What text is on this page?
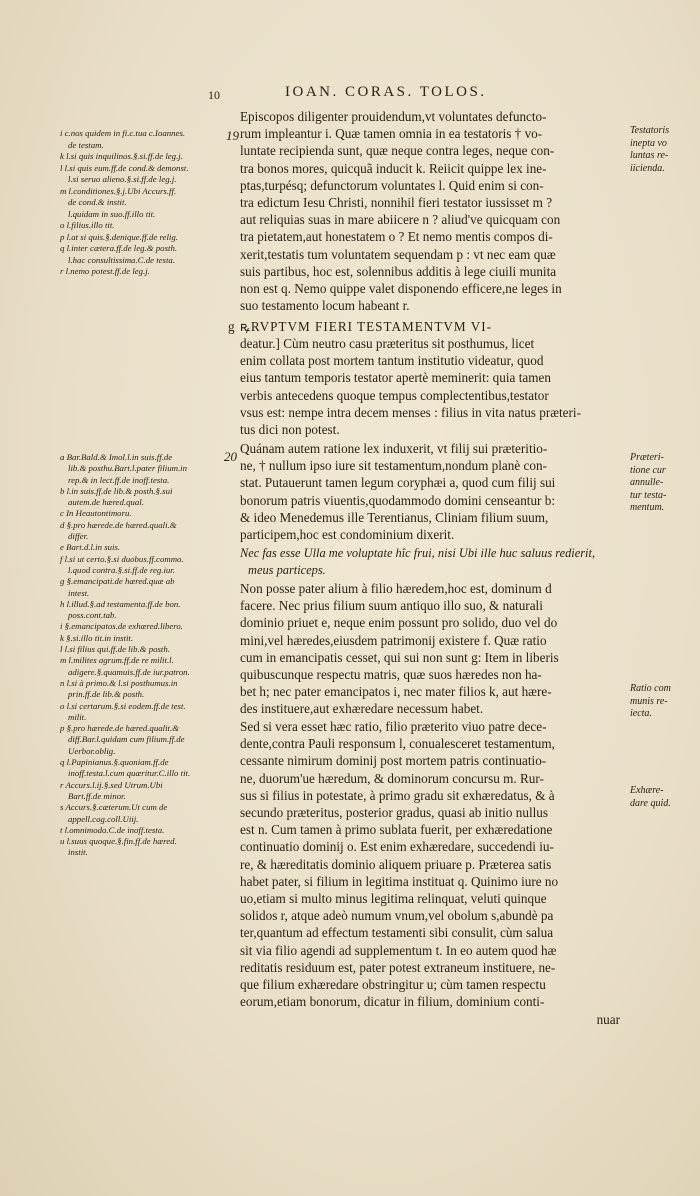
10	IOAN. CORAS. TOLOS.
19
20
i c.nos quidem in fi.c.tua c.Ioannes.
de testam.
k l.si quis inquilinos.§.si.ff.de leg.j.
l l.si quis eum.ff.de cond.& demonst.
l.si seruo alieno.§.si.ff.de leg.j.
m l.conditiones.§.j.Ubi Accurs.ff.
de cond.& instit.
l.quidam in suo.ff.illo tit.
o l.filius.illo tit.
p l.at si quis.§.denique.ff.de relig.
q l.inter cætera.ff.de leg.& posth.
l.hac consultissima.C.de testa.
r l.nemo potest.ff.de leg.j.
a Bar.Bald.& Imol.l.in suis.ff.de
lib.& posthu.Bart.l.pater filium.in
rep.& in lect.ff.de inoff.testa.
b l.in suis.ff.de lib.& posth.§.sui
autem.de hæred.qual.
c In Heautontimoru.
d §.pro hærede.de hæred.quali.&
differ.
e Bart.d.l.in suis.
f l.si ut certo.§.si duobus.ff.commo.
l.quod contra.§.si.ff.de reg.iur.
g §.emancipati.de hæred.quæ ab
intest.
h l.illud.§.ad testamenta.ff.de bon.
poss.cont.tab.
i §.emancipatos.de exhæred.libero.
k §.si.illo tit.in instit.
l l.si filius qui.ff.de lib.& posth.
m l.milites agrum.ff.de re milit.l.
adigere.§.quamuis.ff.de iur.patron.
n l.si à primo.& l.si posthumus.in
prin.ff.de lib.& posth.
o l.si certarum.§.si eodem.ff.de test.
milit.
p §.pro hærede.de hæred.qualit.&
diff.Bar.l.quidam cum filium.ff.de
Uerbor.oblig.
q l.Papinianus.§.quoniam.ff.de
inoff.testa.l.cum quæritur.C.illo tit.
r Accurs.l.ij.§.sed Utrum.Ubi
Bart.ff.de minor.
s Accurs.§.cæterum.Ut cum de
appell.cog.coll.Uiij.
t l.omnimodo.C.de inoff.testa.
u l.suus quoque.§.fin.ff.de hæred.
instit.

Episcopos diligenter prouidendum,vt voluntates defuncto-

rum impleantur i. Quæ tamen omnia in ea testatoris † vo-

luntate recipienda sunt, quæ neque contra leges, neque con-

tra bonos mores, quicquã inducit k. Reiicit quippe lex ine-

ptas,turpésq; defunctorum voluntates l. Quid enim si con-

tra edictum Iesu Christi, nonnihil fieri testator iussisset m ?

aut reliquias suas in mare abiicere n ? aliud've quicquam con

tra pietatem,aut honestatem o ? Et nemo mentis compos di-

xerit,testatis tum voluntatem sequendam p : vt nec eam quæ

suis partibus, hoc est, solennibus additis à lege ciuili munita

non est q. Nemo quippe valet disponendo efficere,ne leges in

suo testamento locum habeant r.

g ꝶRVPTVM FIERI TESTAMENTVM VI-

deatur.] Cùm neutro casu præteritus sit posthumus, licet

enim collata post mortem tantum institutio videatur, quod

eius tantum temporis testator apertè meminerit: quia tamen

verbis antecedens quoque tempus complectentibus,testator

vsus est: nempe intra decem menses : filius in vita natus præteri-

tus dici non potest.

Quánam autem ratione lex induxerit, vt filij sui præteritio-

ne, † nullum ipso iure sit testamentum,nondum planè con-

stat. Putauerunt tamen legum coryphæi a, quod cum filij sui

bonorum patris viuentis,quodammodo domini censeantur b:

& ideo Menedemus ille Terentianus, Cliniam filium suum,

participem,hoc est condominium dixerit.

Nec fas esse Ulla me voluptate hîc frui, nisi Ubi ille huc saluus redierit,

meus particeps.

Non posse pater alium à filio hæredem,hoc est, dominum d

facere. Nec prius filium suum antiquo illo suo, & naturali

dominio priuet e, neque enim possunt pro solido, duo vel do

mini,vel hæredes,eiusdem patrimonij existere f. Quæ ratio

cum in emancipatis cesset, qui sui non sunt g: Item in liberis

quibuscunque respectu matris, quæ suos hæredes non ha-

bet h; nec pater emancipatos i, nec mater filios k, aut hære-

des instituere,aut exhæredare necessum habet.

Sed si vera esset hæc ratio, filio præterito viuo patre dece-

dente,contra Pauli responsum l, conualesceret testamentum,

cessante nimirum dominij post mortem patris continuatio-

ne, duorum'ue hæredum, & dominorum concursu m. Rur-

sus si filius in potestate, à primo gradu sit exhæredatus, & à

secundo præteritus, posterior gradus, quasi ab initio nullus

est n. Cum tamen à primo sublata fuerit, per exhæredatione

continuatio dominij o. Est enim exhæredare, succedendi iu-

re, & hæreditatis dominio aliquem priuare p. Præterea satis

habet pater, si filium in legitima instituat q. Quinimo iure no

uo,etiam si multo minus legitima relinquat, veluti quinque

solidos r, atque adeò numum vnum,vel obolum s,abundè pa

ter,quantum ad effectum testamenti sibi consulit, cùm salua

sit via filio agendi ad supplementum t. In eo autem quod hæ

reditatis residuum est, pater potest extraneum instituere, ne-

que filium exhæredare obstringitur u; cùm tamen respectu

eorum,etiam bonorum, dicatur in filium, dominium conti-

nuar

Testatoris
inepta vo
luntas re-
iicienda.
Præteri-
tione cur
annulle-
tur testa-
mentum.
Ratio com
munis re-
iecta.
Exhære-
dare quid.
